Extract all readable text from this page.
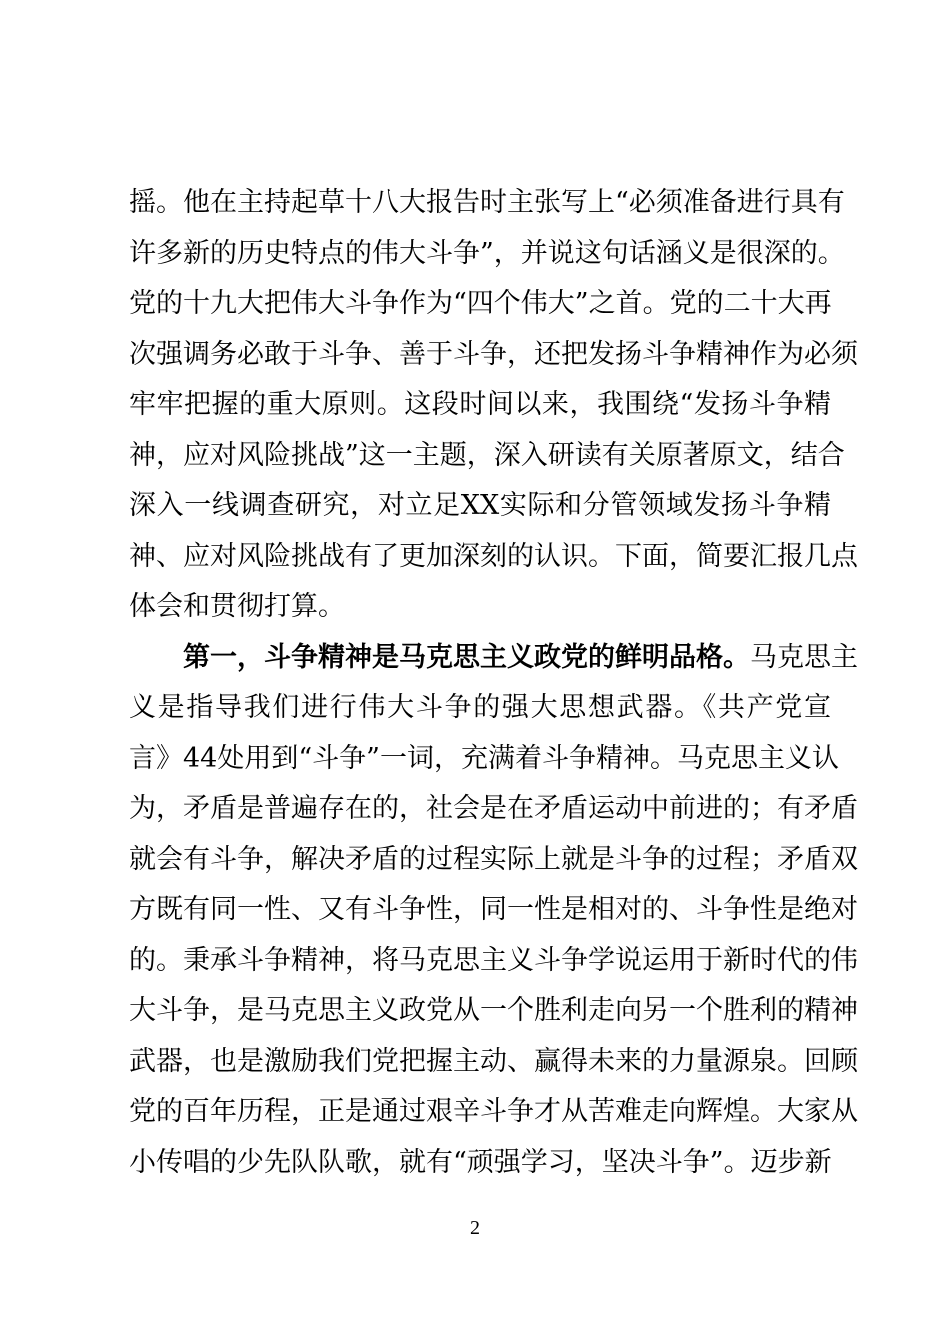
摇。他在主持起草十八大报告时主张写上“必须准备进行具有
许多新的历史特点的伟大斗争”，并说这句话涵义是很深的。
党的十九大把伟大斗争作为“四个伟大”之首。党的二十大再
次强调务必敢于斗争、善于斗争，还把发扬斗争精神作为必须
牢牢把握的重大原则。这段时间以来，我围绕“发扬斗争精
神，应对风险挑战”这一主题，深入研读有关原著原文，结合
深入一线调查研究，对立足XX实际和分管领域发扬斗争精
神、应对风险挑战有了更加深刻的认识。下面，简要汇报几点
体会和贯彻打算。
第一，斗争精神是马克思主义政党的鲜明品格。马克思主
义是指导我们进行伟大斗争的强大思想武器。《共产党宣
言》44处用到“斗争”一词，充满着斗争精神。马克思主义认
为，矛盾是普遍存在的，社会是在矛盾运动中前进的；有矛盾
就会有斗争，解决矛盾的过程实际上就是斗争的过程；矛盾双
方既有同一性、又有斗争性，同一性是相对的、斗争性是绝对
的。秉承斗争精神，将马克思主义斗争学说运用于新时代的伟
大斗争，是马克思主义政党从一个胜利走向另一个胜利的精神
武器，也是激励我们党把握主动、赢得未来的力量源泉。回顾
党的百年历程，正是通过艰辛斗争才从苦难走向辉煌。大家从
小传唱的少先队队歌，就有“顽强学习，坚决斗争”。迈步新
2
